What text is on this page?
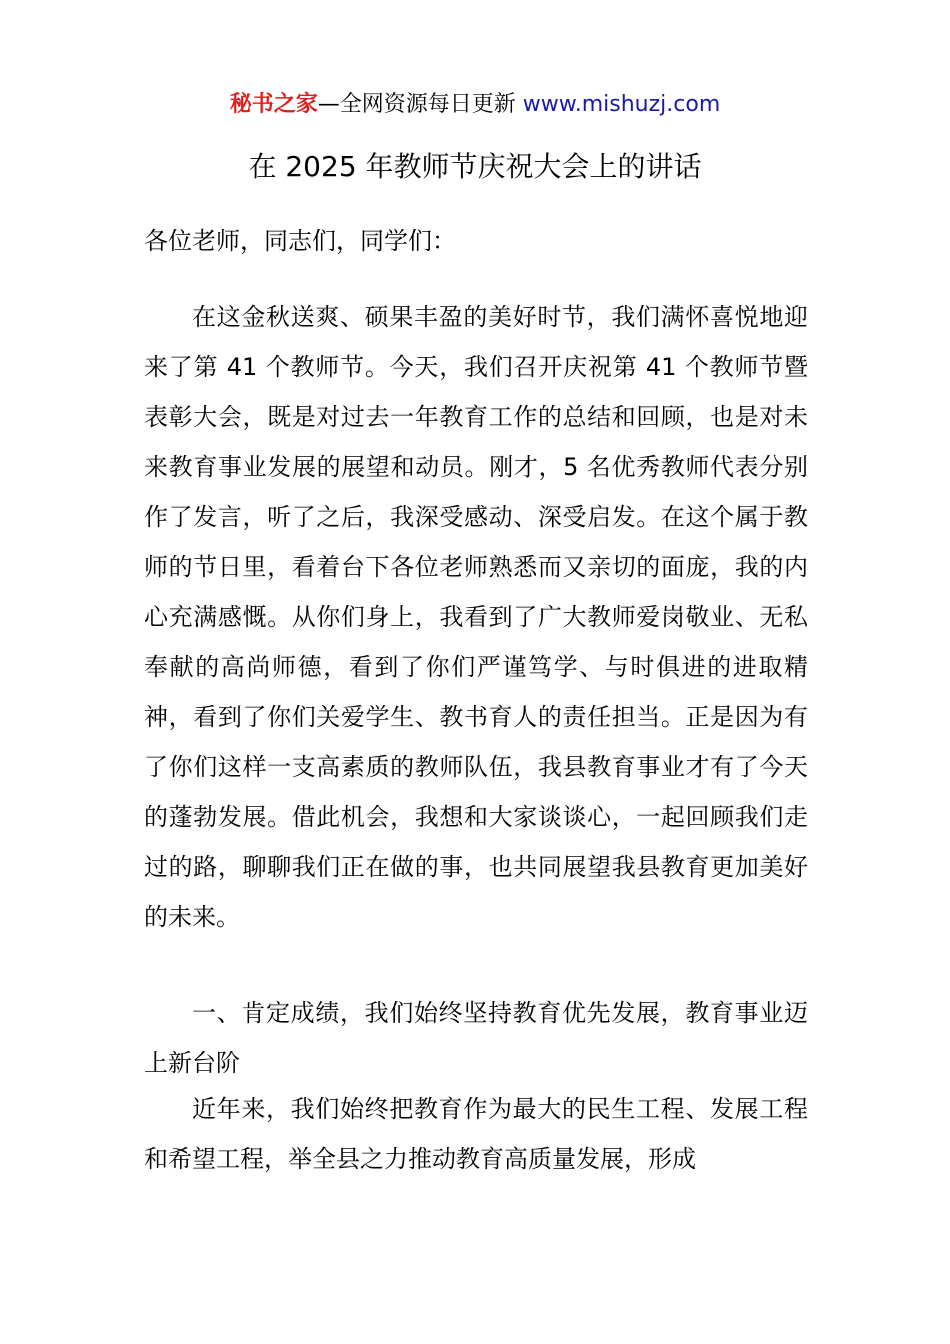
秘书之家—全网资源每日更新 www.mishuzj.com
在 2025 年教师节庆祝大会上的讲话
各位老师，同志们，同学们：

在这金秋送爽、硕果丰盈的美好时节，我们满怀喜悦地迎来了第 41 个教师节。今天，我们召开庆祝第 41 个教师节暨表彰大会，既是对过去一年教育工作的总结和回顾，也是对未来教育事业发展的展望和动员。刚才，5 名优秀教师代表分别作了发言，听了之后，我深受感动、深受启发。在这个属于教师的节日里，看着台下各位老师熟悉而又亲切的面庞，我的内心充满感慨。从你们身上，我看到了广大教师爱岗敬业、无私奉献的高尚师德，看到了你们严谨笃学、与时俱进的进取精神，看到了你们关爱学生、教书育人的责任担当。正是因为有了你们这样一支高素质的教师队伍，我县教育事业才有了今天的蓬勃发展。借此机会，我想和大家谈谈心，一起回顾我们走过的路，聊聊我们正在做的事，也共同展望我县教育更加美好的未来。

一、肯定成绩，我们始终坚持教育优先发展，教育事业迈上新台阶

近年来，我们始终把教育作为最大的民生工程、发展工程和希望工程，举全县之力推动教育高质量发展，形成
